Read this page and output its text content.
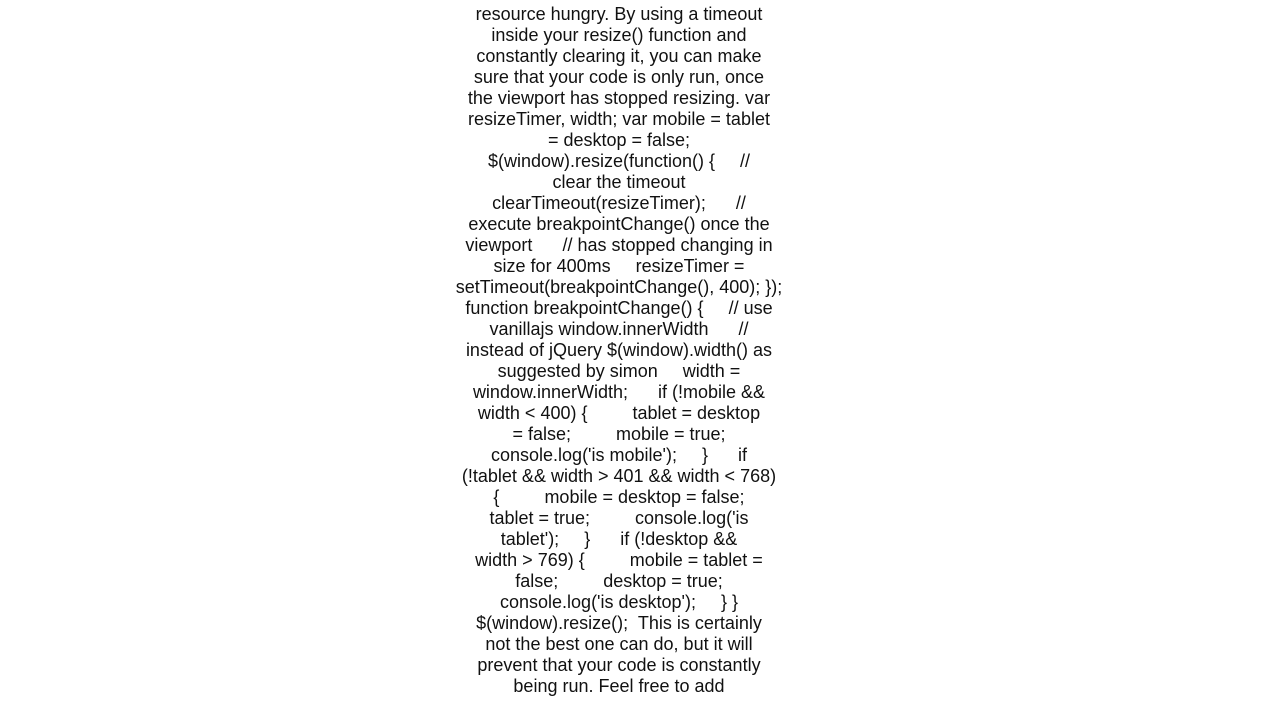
resource hungry. By using a timeout
inside your resize() function and
constantly clearing it, you can make
sure that your code is only run, once
the viewport has stopped resizing. var
resizeTimer, width; var mobile = tablet
= desktop = false;
$(window).resize(function() {     //
clear the timeout
clearTimeout(resizeTimer);      //
execute breakpointChange() once the
viewport      // has stopped changing in
size for 400ms     resizeTimer =
setTimeout(breakpointChange(), 400); });
function breakpointChange() {     // use
vanillajs window.innerWidth      //
instead of jQuery $(window).width() as
suggested by simon     width =
window.innerWidth;      if (!mobile &&
width < 400) {         tablet = desktop
= false;         mobile = true;
console.log('is mobile');     }      if
(!tablet && width > 401 && width < 768)
{         mobile = desktop = false;
tablet = true;         console.log('is
tablet');     }      if (!desktop &&
width > 769) {         mobile = tablet =
false;         desktop = true;
console.log('is desktop');     } }
$(window).resize();  This is certainly
not the best one can do, but it will
prevent that your code is constantly
being run. Feel free to add
